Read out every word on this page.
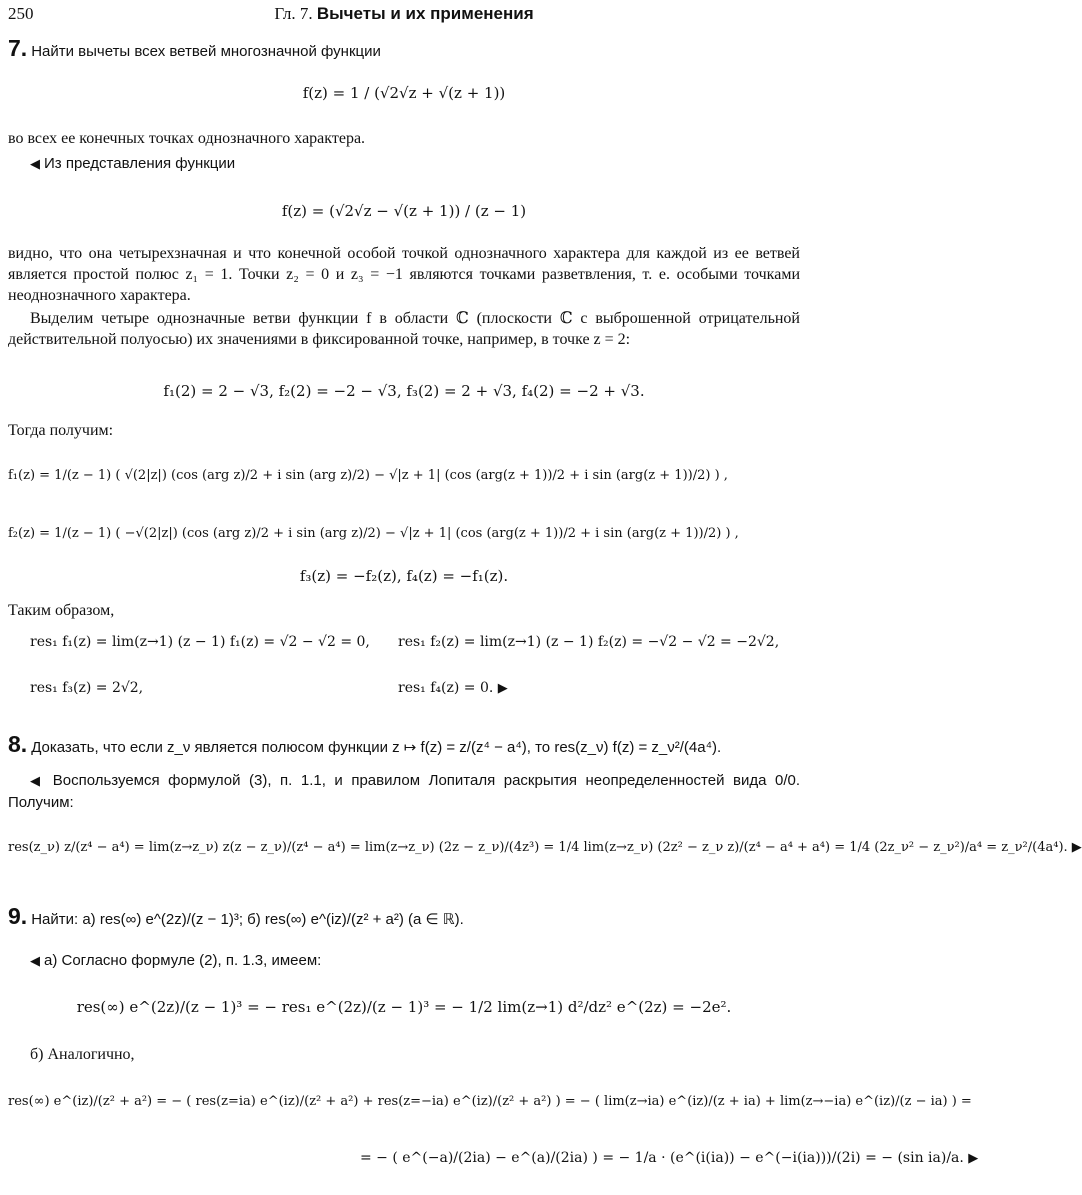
250	Гл. 7. Вычеты и их применения
7. Найти вычеты всех ветвей многозначной функции
f(z) = 1 / (√2√z + √(z + 1))
во всех ее конечных точках однозначного характера.
◀ Из представления функции
f(z) = (√2√z − √(z + 1)) / (z − 1)
видно, что она четырехзначная и что конечной особой точкой однозначного характера для каждой из ее ветвей является простой полюс z₁ = 1. Точки z₂ = 0 и z₃ = −1 являются точками разветвления, т. е. особыми точками неоднозначного характера.
Выделим четыре однозначные ветви функции f в области ℂ (плоскости ℂ с выброшенной отрицательной действительной полуосью) их значениями в фиксированной точке, например, в точке z = 2:
f₁(2) = 2 − √3, f₂(2) = −2 − √3, f₃(2) = 2 + √3, f₄(2) = −2 + √3.
Тогда получим:
f₁(z) = 1/(z − 1) ( √(2|z|) (cos (arg z)/2 + i sin (arg z)/2) − √|z + 1| (cos (arg(z + 1))/2 + i sin (arg(z + 1))/2) ) ,
f₂(z) = 1/(z − 1) ( −√(2|z|) (cos (arg z)/2 + i sin (arg z)/2) − √|z + 1| (cos (arg(z + 1))/2 + i sin (arg(z + 1))/2) ) ,
f₃(z) = −f₂(z), f₄(z) = −f₁(z).
Таким образом,
res₁ f₁(z) = lim(z→1) (z − 1) f₁(z) = √2 − √2 = 0,	res₁ f₂(z) = lim(z→1) (z − 1) f₂(z) = −√2 − √2 = −2√2,
res₁ f₃(z) = 2√2,	res₁ f₄(z) = 0. ▶
8. Доказать, что если z_ν является полюсом функции z ↦ f(z) = z/(z⁴ − a⁴), то res(z_ν) f(z) = z_ν²/(4a⁴).
◀ Воспользуемся формулой (3), п. 1.1, и правилом Лопиталя раскрытия неопределенностей вида 0/0. Получим:
res(z_ν) z/(z⁴ − a⁴) = lim(z→z_ν) z(z − z_ν)/(z⁴ − a⁴) = lim(z→z_ν) (2z − z_ν)/(4z³) = 1/4 lim(z→z_ν) (2z² − z_ν z)/(z⁴ − a⁴ + a⁴) = 1/4 (2z_ν² − z_ν²)/a⁴ = z_ν²/(4a⁴). ▶
9. Найти: а) res(∞) e^(2z)/(z − 1)³; б) res(∞) e^(iz)/(z² + a²) (a ∈ ℝ).
◀ а) Согласно формуле (2), п. 1.3, имеем:
res(∞) e^(2z)/(z − 1)³ = − res₁ e^(2z)/(z − 1)³ = − 1/2 lim(z→1) d²/dz² e^(2z) = −2e².
б) Аналогично,
res(∞) e^(iz)/(z² + a²) = − ( res(z=ia) e^(iz)/(z² + a²) + res(z=−ia) e^(iz)/(z² + a²) ) = − ( lim(z→ia) e^(iz)/(z + ia) + lim(z→−ia) e^(iz)/(z − ia) ) =
= − ( e^(−a)/(2ia) − e^(a)/(2ia) ) = − 1/a · (e^(i(ia)) − e^(−i(ia)))/(2i) = − (sin ia)/a. ▶
